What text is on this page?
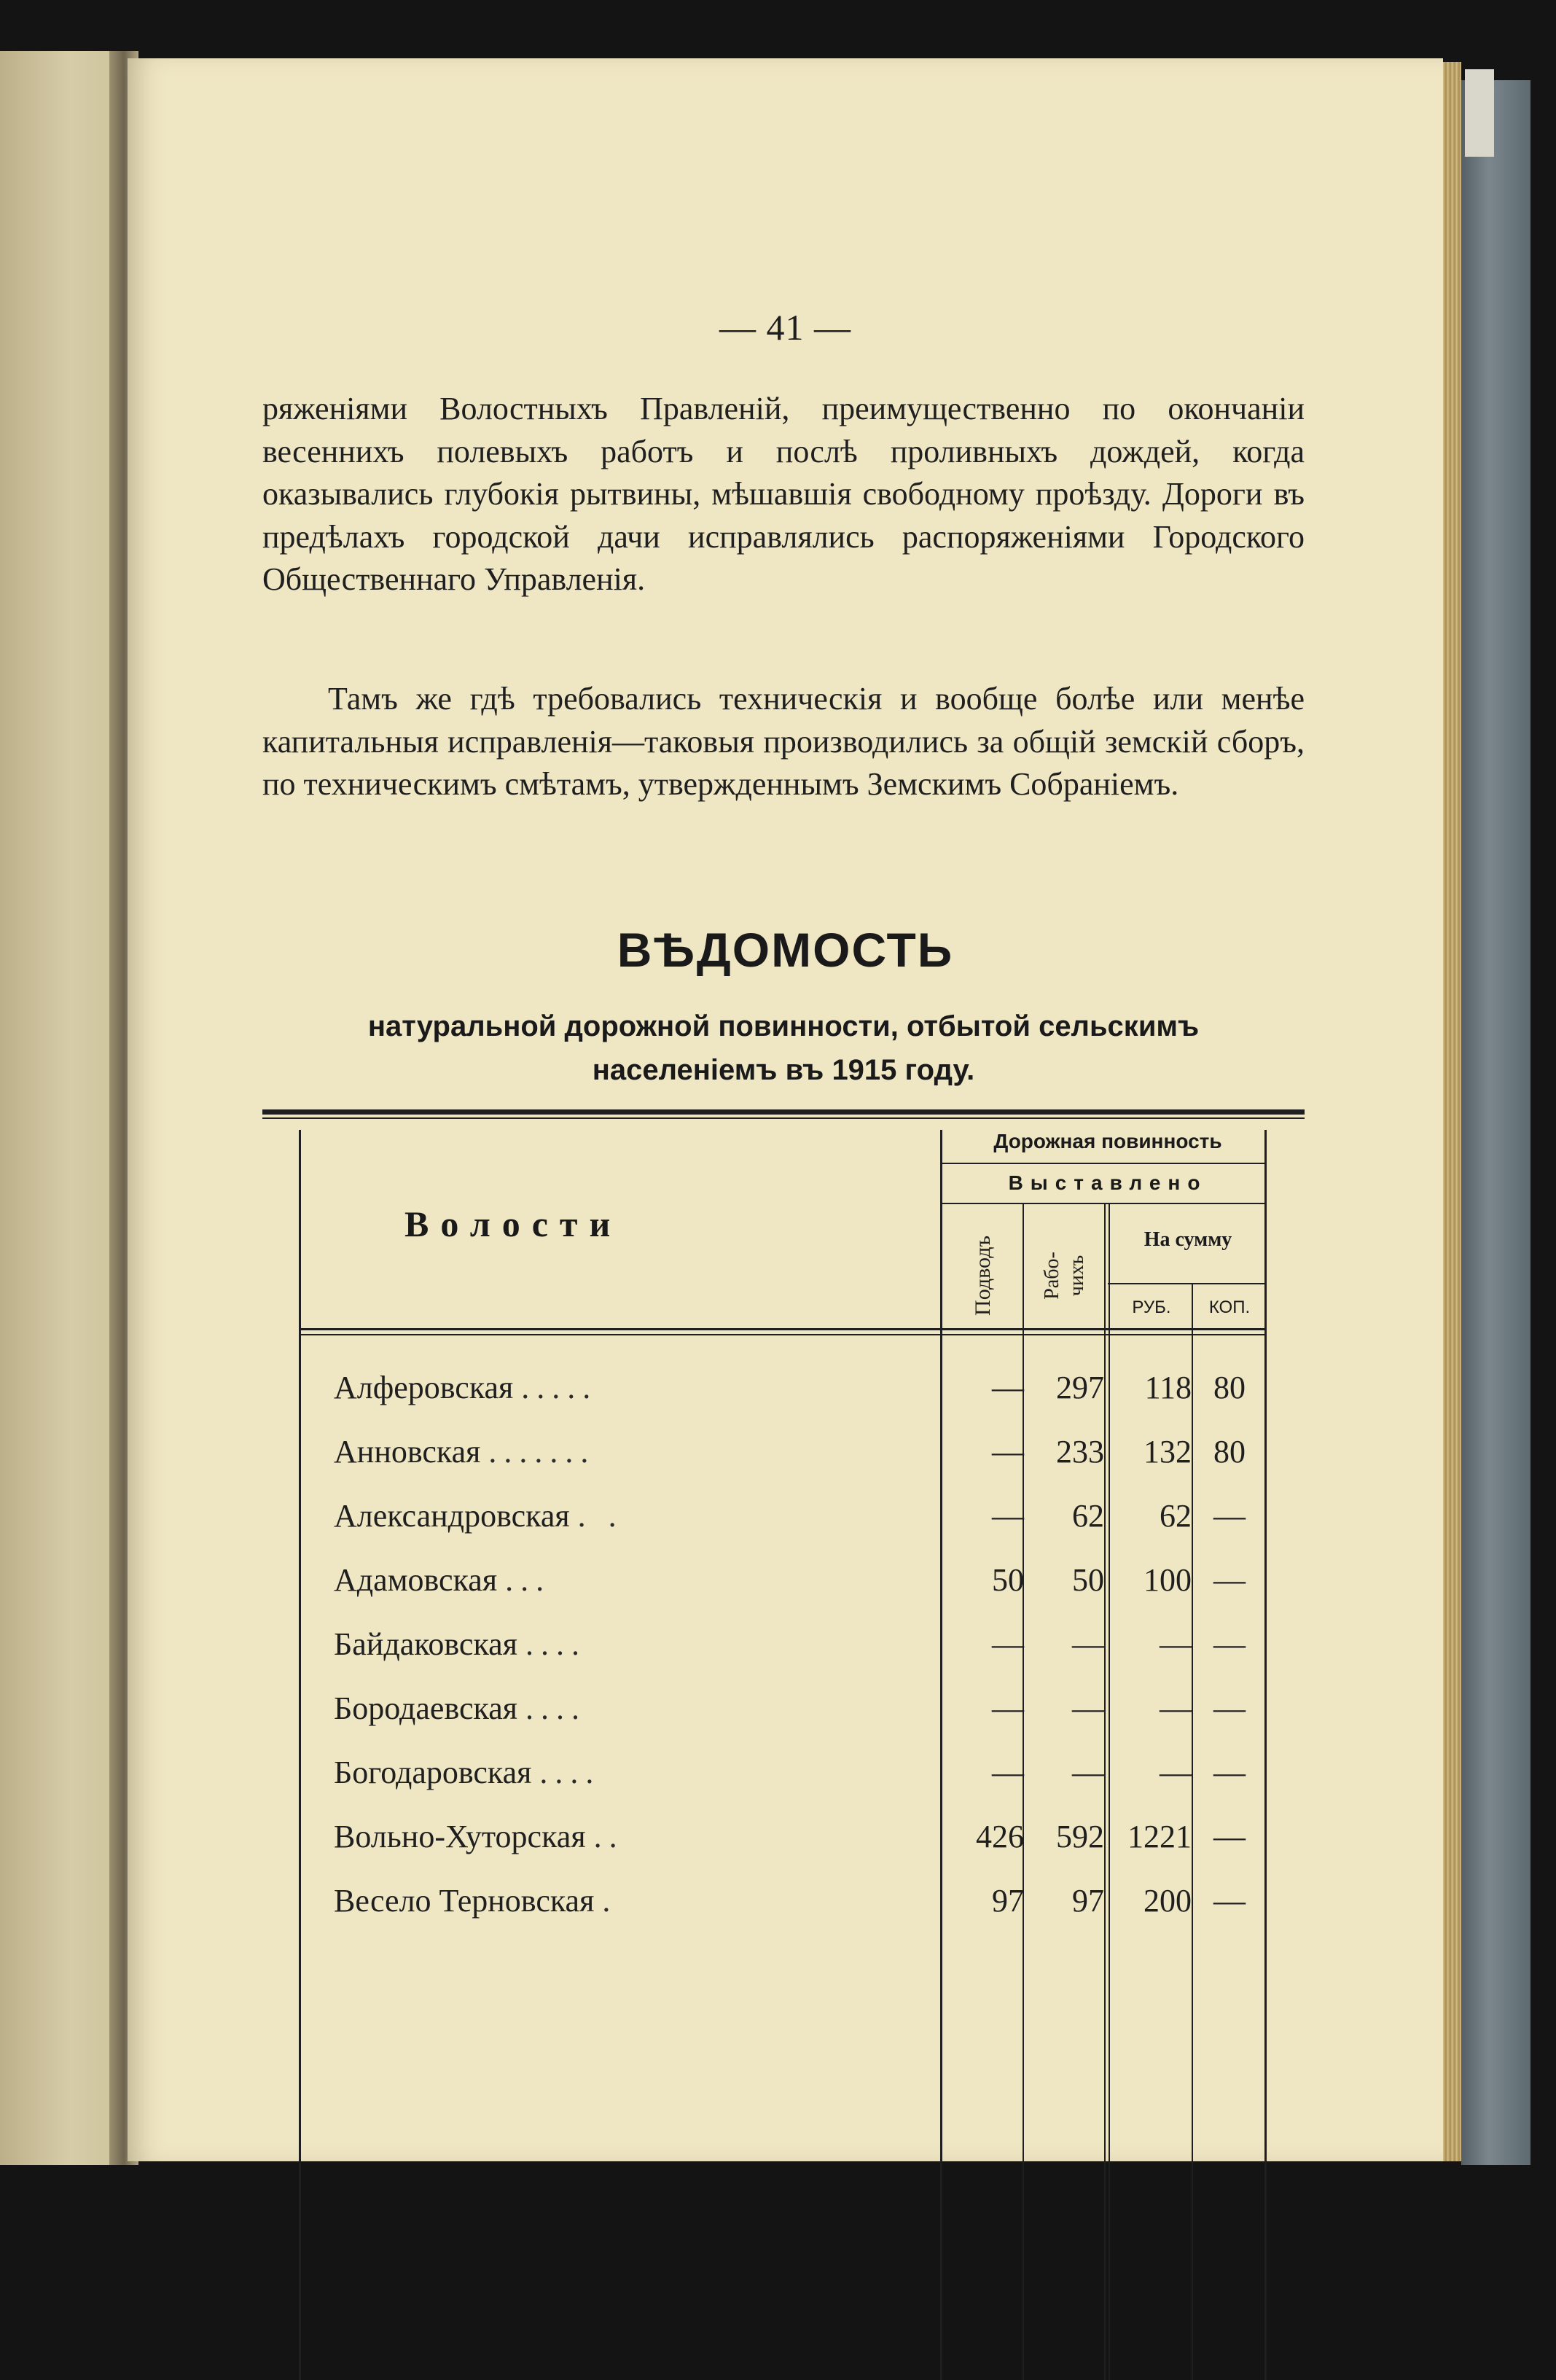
— 41 —

ряженіями Волостныхъ Правленій, преимущественно по окончаніи весеннихъ полевыхъ работъ и послѣ проливныхъ дождей, когда оказывались глубокія рытвины, мѣшавшія свободному проѣзду. Дороги въ предѣлахъ городской дачи исправлялись распоряженіями Городского Общественнаго Управленія.

Тамъ же гдѣ требовались техническія и вообще болѣе или менѣе капитальныя исправленія—таковыя производились за общій земскій сборъ, по техническимъ смѣтамъ, утвержденнымъ Земскимъ Собраніемъ.

ВѢДОМОСТЬ
натуральной дорожной повинности, отбытой сельскимъ
населеніемъ въ 1915 году.
Волости
Дорожная повинность
Выставлено
Подводъ Рабо-
чихъ
На сумму
РУБ.	КОП.
Алферовская .....	—	297	118 80
Анновская .......	—	233	132 80
Александровская . .	—	62	62 —
Адамовская ...	50	50	100 —
Байдаковская ....	—	—	— —
Бородаевская ....	—	—	— —
Богодаровская ....	—	—	— —
Вольно-Хуторская ..	426	592 1221 —
Весело Терновская .	97	97	200 —
